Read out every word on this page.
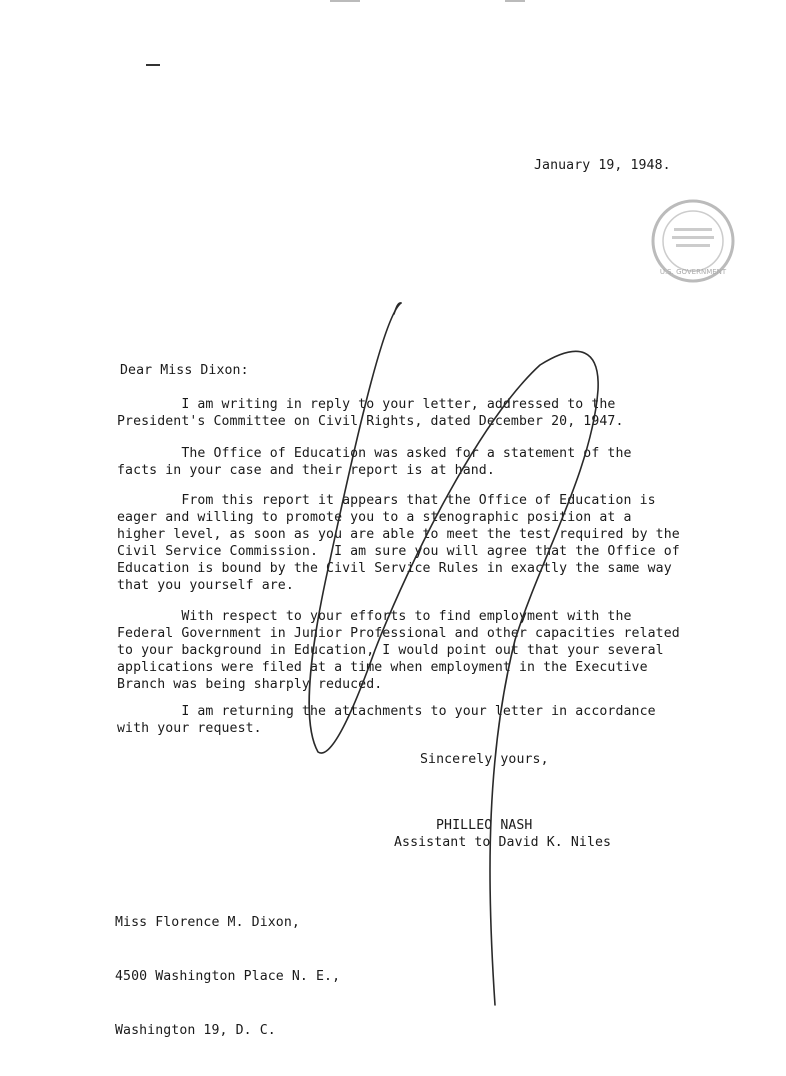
January 19, 1948.
U.S. GOVERNMENT
Dear Miss Dixon:
I am writing in reply to your letter, addressed to the
President's Committee on Civil Rights, dated December 20, 1947.
The Office of Education was asked for a statement of the
facts in your case and their report is at hand.
From this report it appears that the Office of Education is
eager and willing to promote you to a stenographic position at a
higher level, as soon as you are able to meet the test required by the
Civil Service Commission.  I am sure you will agree that the Office of
Education is bound by the Civil Service Rules in exactly the same way
that you yourself are.
With respect to your efforts to find employment with the
Federal Government in Junior Professional and other capacities related
to your background in Education, I would point out that your several
applications were filed at a time when employment in the Executive
Branch was being sharply reduced.
I am returning the attachments to your letter in accordance
with your request.
Sincerely yours,
PHILLEO NASH
Assistant to David K. Niles

Miss Florence M. Dixon,

4500 Washington Place N. E.,

Washington 19, D. C.
